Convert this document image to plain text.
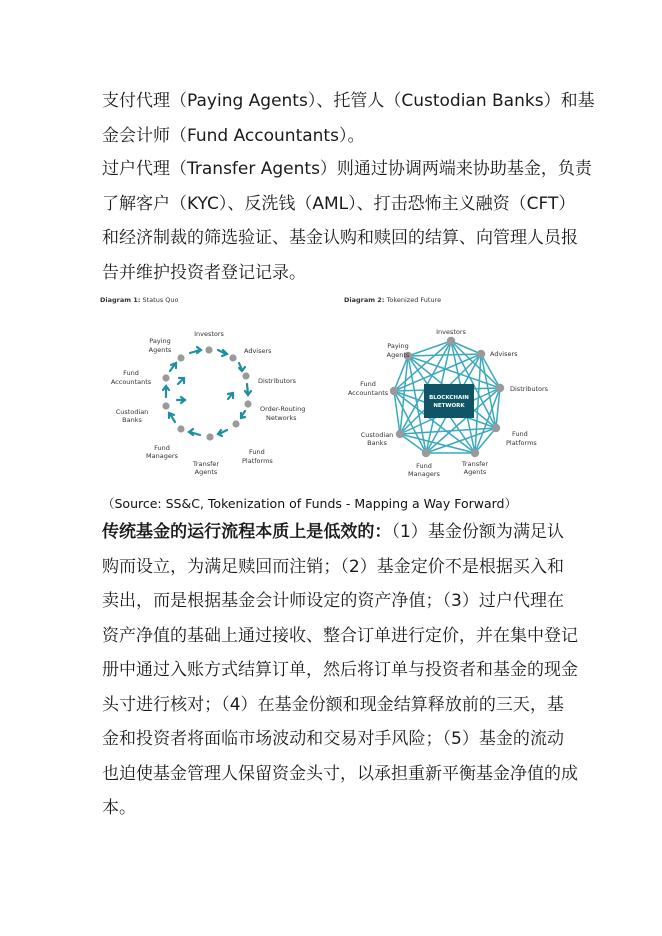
支付代理（Paying Agents）、托管人（Custodian Banks）和基
金会计师（Fund Accountants）。
过户代理（Transfer Agents）则通过协调两端来协助基金，负责
了解客户（KYC）、反洗钱（AML）、打击恐怖主义融资（CFT）
和经济制裁的筛选验证、基金认购和赎回的结算、向管理人员报
告并维护投资者登记记录。
Diagram 1: Status Quo
Investors
Advisers
Distributors
Order-Routing
Networks
Fund
Platforms
Transfer
Agents
Fund
Managers
Custodian
Banks
Fund
Accountants
Paying
Agents
Diagram 2: Tokenized Future
BLOCKCHAIN
NETWORK
Investors
Advisers
Distributors
Fund
Platforms
Transfer
Agents
Fund
Managers
Custodian
Banks
Fund
Accountants
Paying
Agents
（Source: SS&C, Tokenization of Funds - Mapping a Way Forward）
传统基金的运行流程本质上是低效的：（1）基金份额为满足认
购而设立，为满足赎回而注销；（2）基金定价不是根据买入和
卖出，而是根据基金会计师设定的资产净值；（3）过户代理在
资产净值的基础上通过接收、整合订单进行定价，并在集中登记
册中通过入账方式结算订单，然后将订单与投资者和基金的现金
头寸进行核对；（4）在基金份额和现金结算释放前的三天，基
金和投资者将面临市场波动和交易对手风险；（5）基金的流动
也迫使基金管理人保留资金头寸，以承担重新平衡基金净值的成
本。
